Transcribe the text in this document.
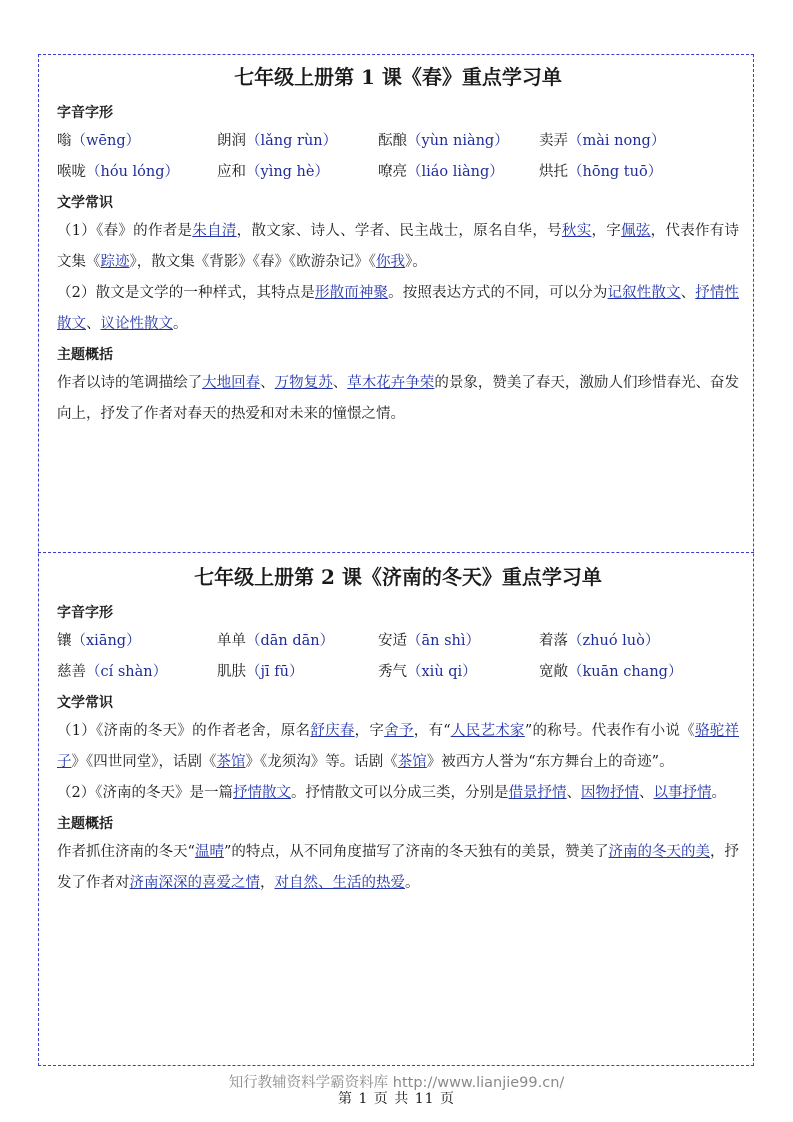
七年级上册第 1 课《春》重点学习单
字音字形
嗡（wēng）	朗润（lǎng rùn）	酝酿（yùn niàng）	卖弄（mài nong）
喉咙（hóu lóng）	应和（yìng hè）	嘹亮（liáo liàng）	烘托（hōng tuō）
文学常识
（1）《春》的作者是朱自清，散文家、诗人、学者、民主战士，原名自华，号秋实，字佩弦，代表作有诗文集《踪迹》，散文集《背影》《春》《欧游杂记》《你我》。
（2）散文是文学的一种样式，其特点是形散而神聚。按照表达方式的不同，可以分为记叙性散文、抒情性散文、议论性散文。
主题概括
作者以诗的笔调描绘了大地回春、万物复苏、草木花卉争荣的景象，赞美了春天，激励人们珍惜春光、奋发向上，抒发了作者对春天的热爱和对未来的憧憬之情。
七年级上册第 2 课《济南的冬天》重点学习单
字音字形
镶（xiāng）	单单（dān dān）	安适（ān shì）	着落（zhuó luò）
慈善（cí shàn）	肌肤（jī fū）	秀气（xiù qi）	宽敞（kuān chang）
文学常识
（1）《济南的冬天》的作者老舍，原名舒庆春，字舍予，有“人民艺术家”的称号。代表作有小说《骆驼祥子》《四世同堂》，话剧《茶馆》《龙须沟》等。话剧《茶馆》被西方人誉为“东方舞台上的奇迹”。
（2）《济南的冬天》是一篇抒情散文。抒情散文可以分成三类，分别是借景抒情、因物抒情、以事抒情。
主题概括
作者抓住济南的冬天“温晴”的特点，从不同角度描写了济南的冬天独有的美景，赞美了济南的冬天的美，抒发了作者对济南深深的喜爱之情，对自然、生活的热爱。
知行教辅资料学霸资料库 http://www.lianjie99.cn/
第 1 页 共 11 页
